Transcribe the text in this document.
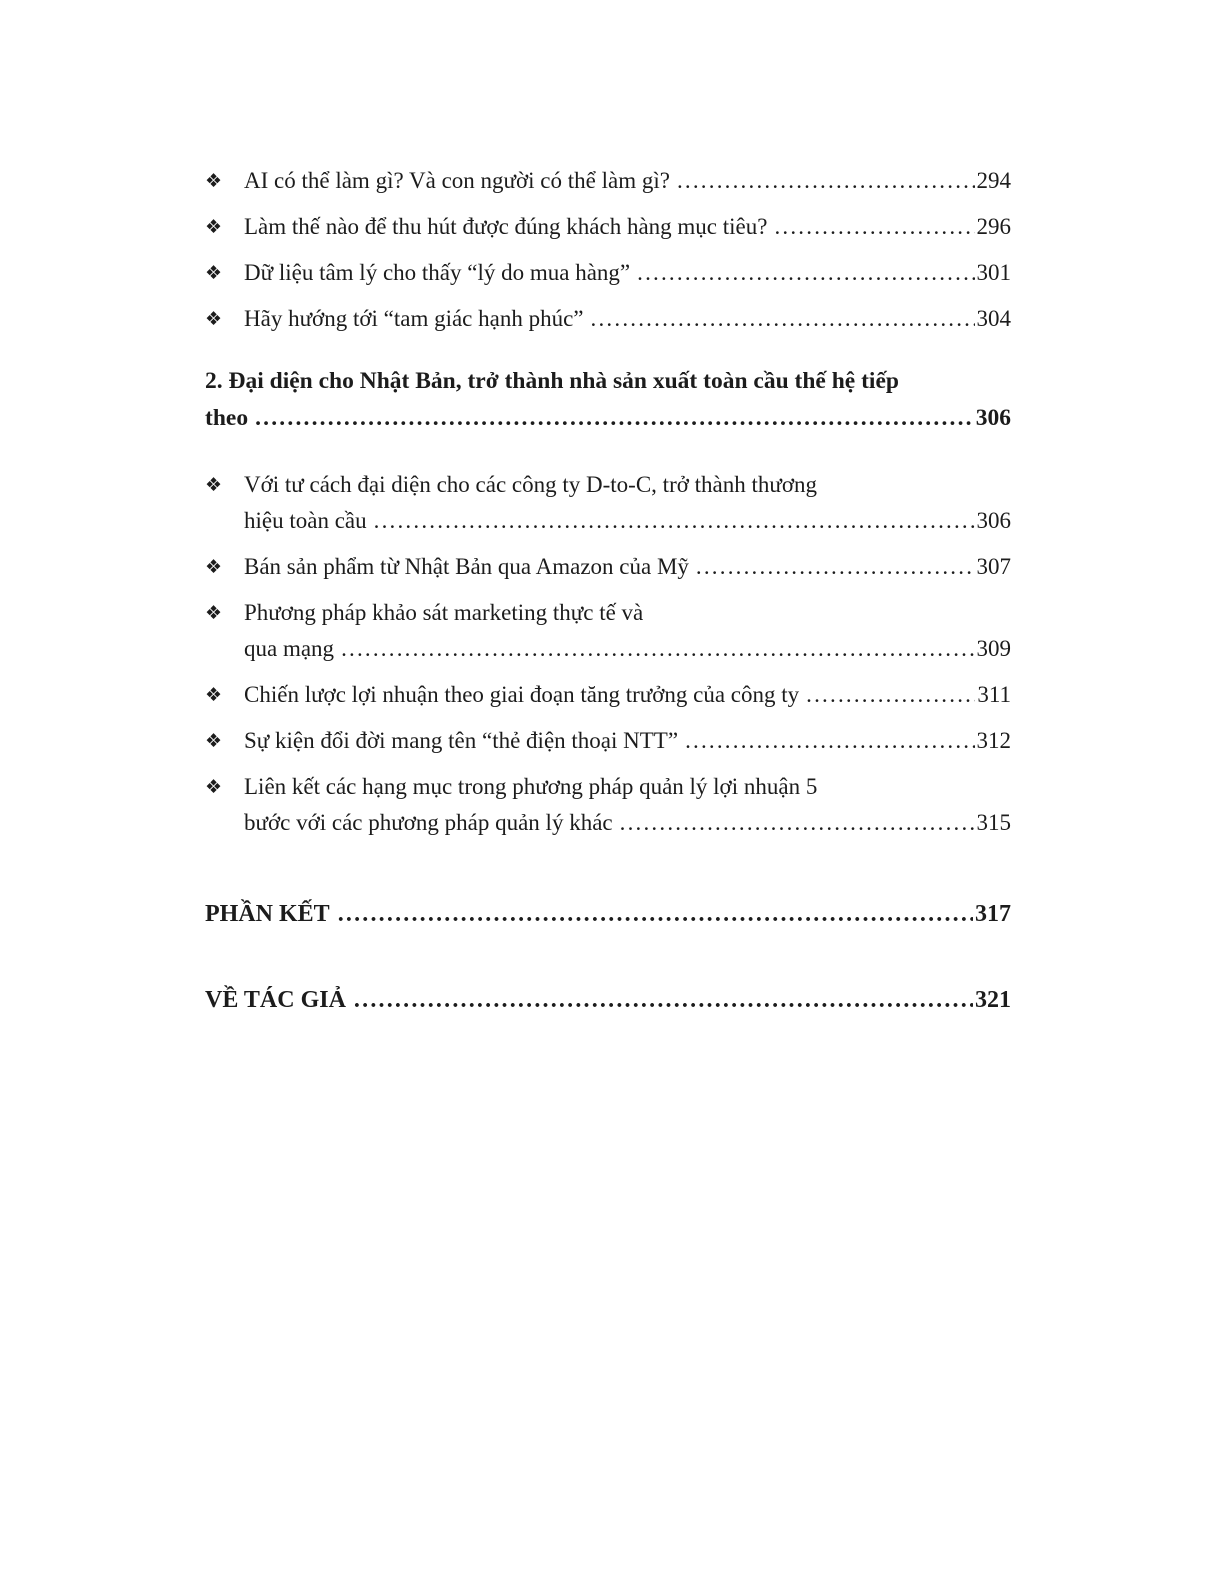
❖ AI có thể làm gì? Và con người có thể làm gì? .....	294
❖ Làm thế nào để thu hút được đúng khách hàng mục tiêu? .....	296
❖ Dữ liệu tâm lý cho thấy “lý do mua hàng” .....	301
❖ Hãy hướng tới “tam giác hạnh phúc” .....	304
2. Đại diện cho Nhật Bản, trở thành nhà sản xuất toàn cầu thế hệ tiếp
theo .....	306
❖ Với tư cách đại diện cho các công ty D-to-C, trở thành thương
hiệu toàn cầu .....	306
❖ Bán sản phẩm từ Nhật Bản qua Amazon của Mỹ .....	307
❖ Phương pháp khảo sát marketing thực tế và
qua mạng .....	309
❖ Chiến lược lợi nhuận theo giai đoạn tăng trưởng của công ty .....	311
❖ Sự kiện đổi đời mang tên “thẻ điện thoại NTT” .....	312
❖ Liên kết các hạng mục trong phương pháp quản lý lợi nhuận 5
bước với các phương pháp quản lý khác .....	315
PHẦN KẾT .....	317
VỀ TÁC GIẢ .....	321
